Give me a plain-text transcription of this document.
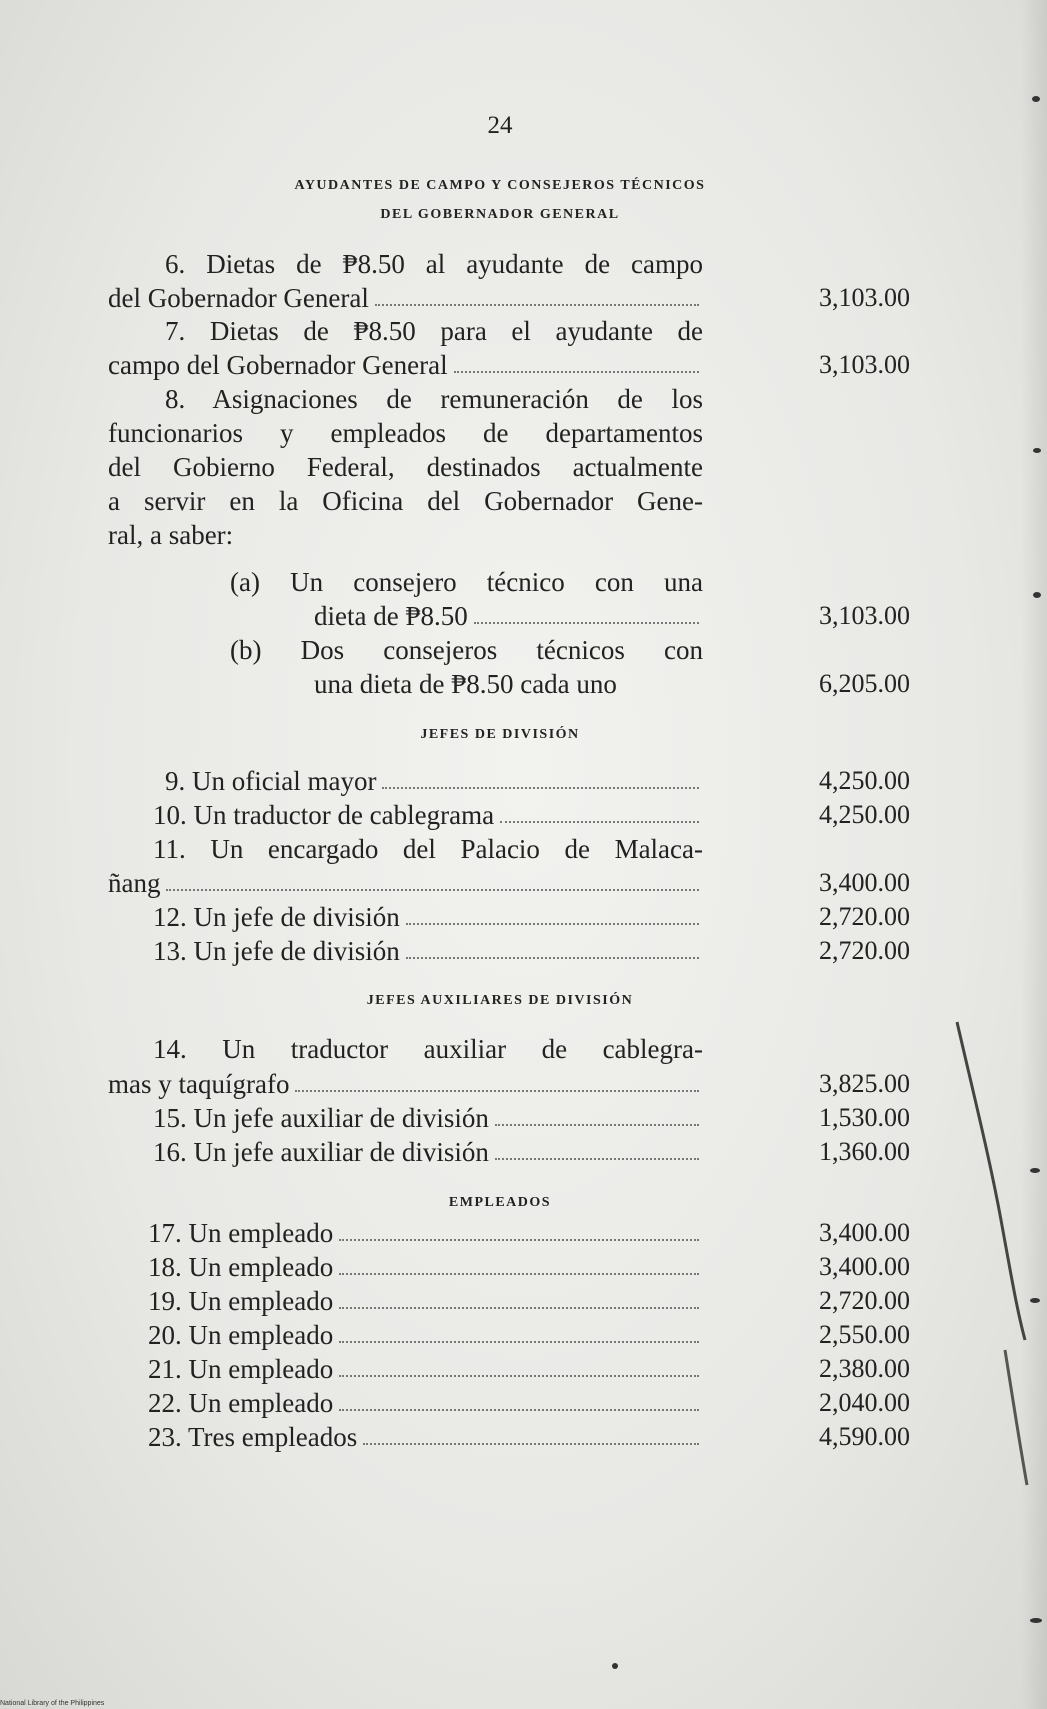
24
AYUDANTES DE CAMPO Y CONSEJEROS TÉCNICOS
DEL GOBERNADOR GENERAL
6. Dietas de ₱8.50 al ayudante de campo
del Gobernador General	3,103.00
7. Dietas de ₱8.50 para el ayudante de
campo del Gobernador General	3,103.00
8. Asignaciones de remuneración de los
funcionarios y empleados de departamentos
del Gobierno Federal, destinados actualmente
a servir en la Oficina del Gobernador Gene-
ral, a saber:
(a) Un consejero técnico con una
dieta de ₱8.50	3,103.00
(b) Dos consejeros técnicos con
una dieta de ₱8.50 cada uno	6,205.00
JEFES DE DIVISIÓN
9. Un oficial mayor	4,250.00
10. Un traductor de cablegrama	4,250.00
11. Un encargado del Palacio de Malaca-
ñang	3,400.00
12. Un jefe de división	2,720.00
13. Un jefe de división	2,720.00
JEFES AUXILIARES DE DIVISIÓN
14. Un traductor auxiliar de cablegra-
mas y taquígrafo	3,825.00
15. Un jefe auxiliar de división	1,530.00
16. Un jefe auxiliar de división	1,360.00
EMPLEADOS
17. Un empleado	3,400.00
18. Un empleado	3,400.00
19. Un empleado	2,720.00
20. Un empleado	2,550.00
21. Un empleado	2,380.00
22. Un empleado	2,040.00
23. Tres empleados	4,590.00
National Library of the Philippines
